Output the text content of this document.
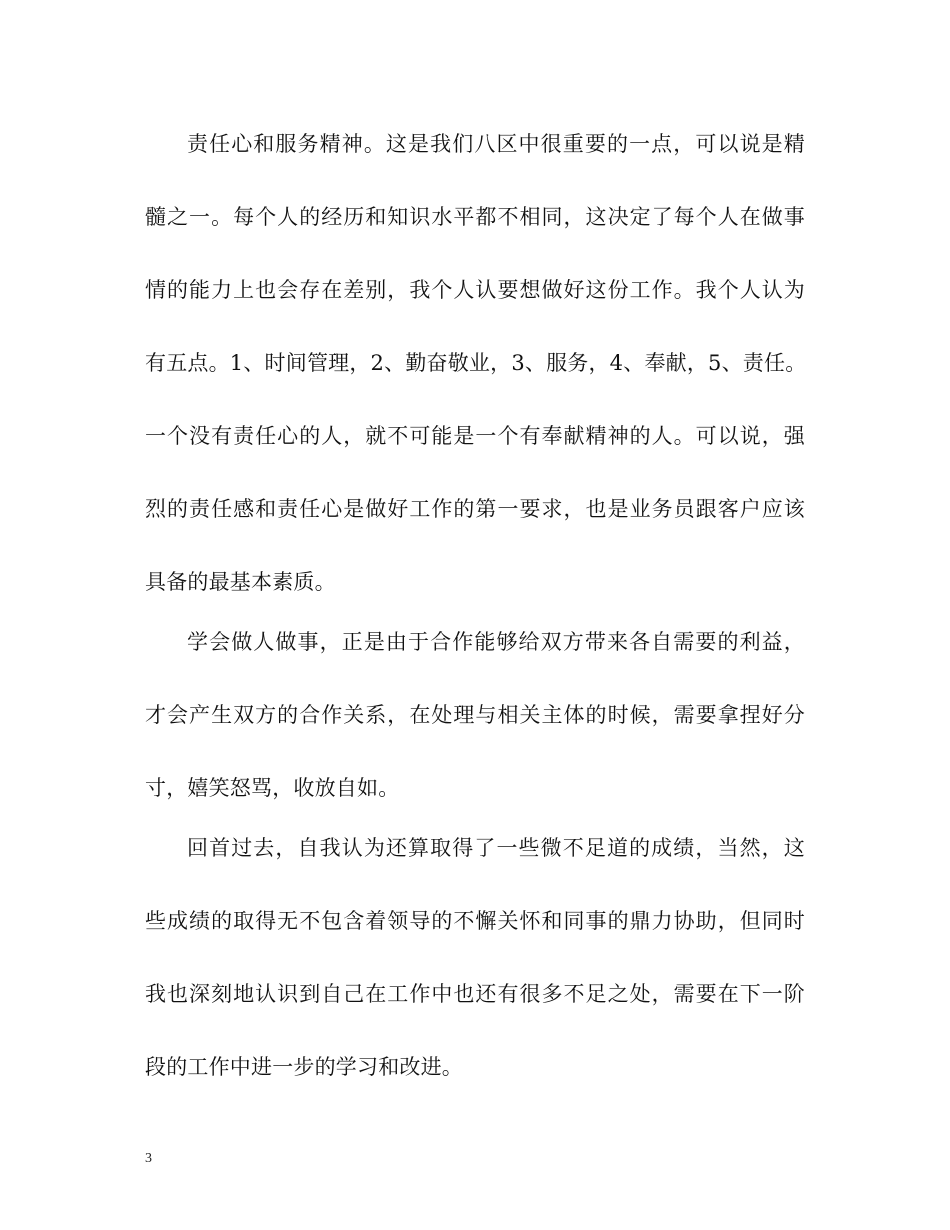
责任心和服务精神。这是我们八区中很重要的一点，可以说是精
髓之一。每个人的经历和知识水平都不相同，这决定了每个人在做事
情的能力上也会存在差别，我个人认要想做好这份工作。我个人认为
有五点。1、时间管理，2、勤奋敬业，3、服务，4、奉献，5、责任。
一个没有责任心的人，就不可能是一个有奉献精神的人。可以说，强
烈的责任感和责任心是做好工作的第一要求，也是业务员跟客户应该
具备的最基本素质。
学会做人做事，正是由于合作能够给双方带来各自需要的利益，
才会产生双方的合作关系，在处理与相关主体的时候，需要拿捏好分
寸，嬉笑怒骂，收放自如。
回首过去，自我认为还算取得了一些微不足道的成绩，当然，这
些成绩的取得无不包含着领导的不懈关怀和同事的鼎力协助，但同时
我也深刻地认识到自己在工作中也还有很多不足之处，需要在下一阶
段的工作中进一步的学习和改进。
3
